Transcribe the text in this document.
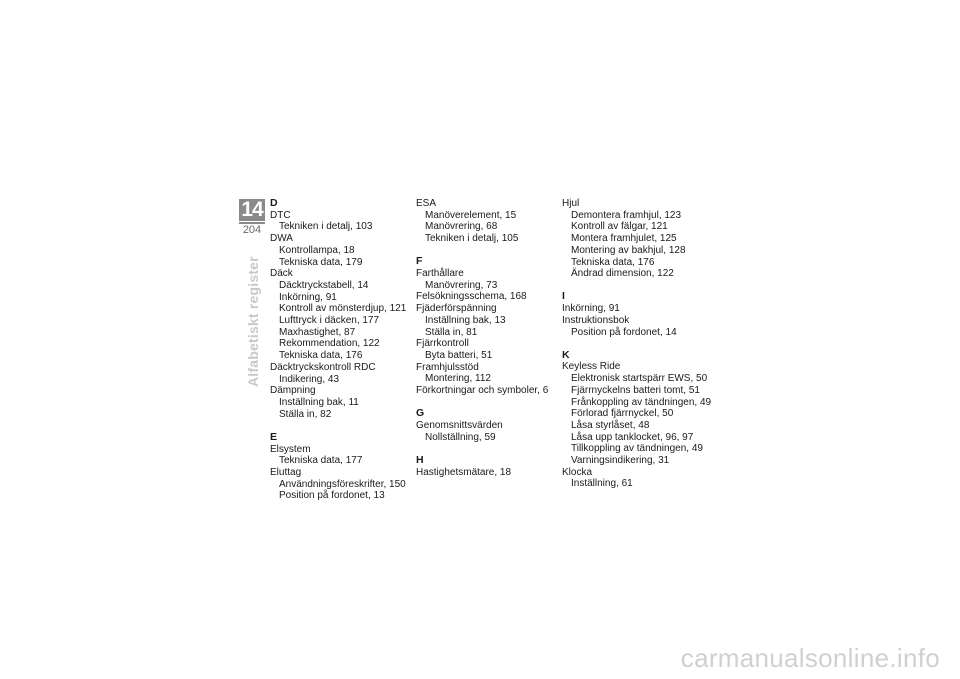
14
204
Alfabetiskt register
D
DTC
Tekniken i detalj, 103
DWA
Kontrollampa, 18
Tekniska data, 179
Däck
Däcktryckstabell, 14
Inkörning, 91
Kontroll av mönsterdjup, 121
Lufttryck i däcken, 177
Maxhastighet, 87
Rekommendation, 122
Tekniska data, 176
Däcktryckskontroll RDC
Indikering, 43
Dämpning
Inställning bak, 11
Ställa in, 82
E
Elsystem
Tekniska data, 177
Eluttag
Användningsföreskrifter, 150
Position på fordonet, 13
ESA
Manöverelement, 15
Manövrering, 68
Tekniken i detalj, 105
F
Farthållare
Manövrering, 73
Felsökningsschema, 168
Fjäderförspänning
Inställning bak, 13
Ställa in, 81
Fjärrkontroll
Byta batteri, 51
Framhjulsstöd
Montering, 112
Förkortningar och symboler, 6
G
Genomsnittsvärden
Nollställning, 59
H
Hastighetsmätare, 18
Hjul
Demontera framhjul, 123
Kontroll av fälgar, 121
Montera framhjulet, 125
Montering av bakhjul, 128
Tekniska data, 176
Ändrad dimension, 122
I
Inkörning, 91
Instruktionsbok
Position på fordonet, 14
K
Keyless Ride
Elektronisk startspärr EWS, 50
Fjärrnyckelns batteri tomt, 51
Frånkoppling av tändningen, 49
Förlorad fjärrnyckel, 50
Låsa styrlåset, 48
Låsa upp tanklocket, 96, 97
Tillkoppling av tändningen, 49
Varningsindikering, 31
Klocka
Inställning, 61
carmanualsonline.info
